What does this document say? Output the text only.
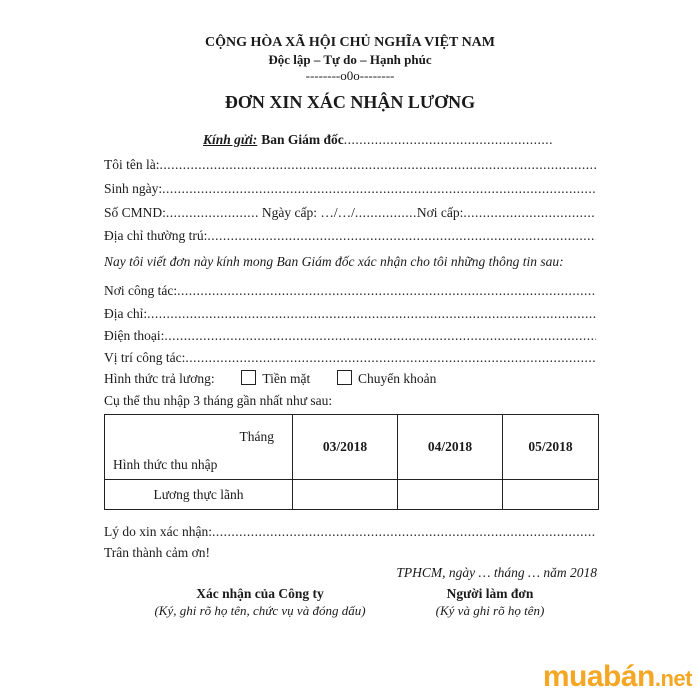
CỘNG HÒA XÃ HỘI CHỦ NGHĨA VIỆT NAM
Độc lập – Tự do – Hạnh phúc
--------o0o--------
ĐƠN XIN XÁC NHẬN LƯƠNG
Kính gửi: Ban Giám đốc
.....
Tôi tên là:
.....
Sinh ngày:
.....
Số CMND: .....	Ngày cấp: …/…/ .....	Nơi cấp:
.....
Địa chỉ thường trú:
.....
Nay tôi viết đơn này kính mong Ban Giám đốc xác nhận cho tôi những thông tin sau:
Nơi công tác:
.....
Địa chỉ:
.....
Điện thoại:
.....
Vị trí công tác:
.....
Hình thức trả lương:	Tiền mặt	Chuyển khoản
Cụ thể thu nhập 3 tháng gần nhất như sau:
Tháng
Hình thức thu nhập	03/2018	04/2018	05/2018
Lương thực lãnh			
Lý do xin xác nhận:
.....
Trân thành cảm ơn!
TPHCM, ngày … tháng … năm 2018
Xác nhận của Công ty
(Ký, ghi rõ họ tên, chức vụ và đóng dấu)
Người làm đơn
(Ký và ghi rõ họ tên)
muabán.net
